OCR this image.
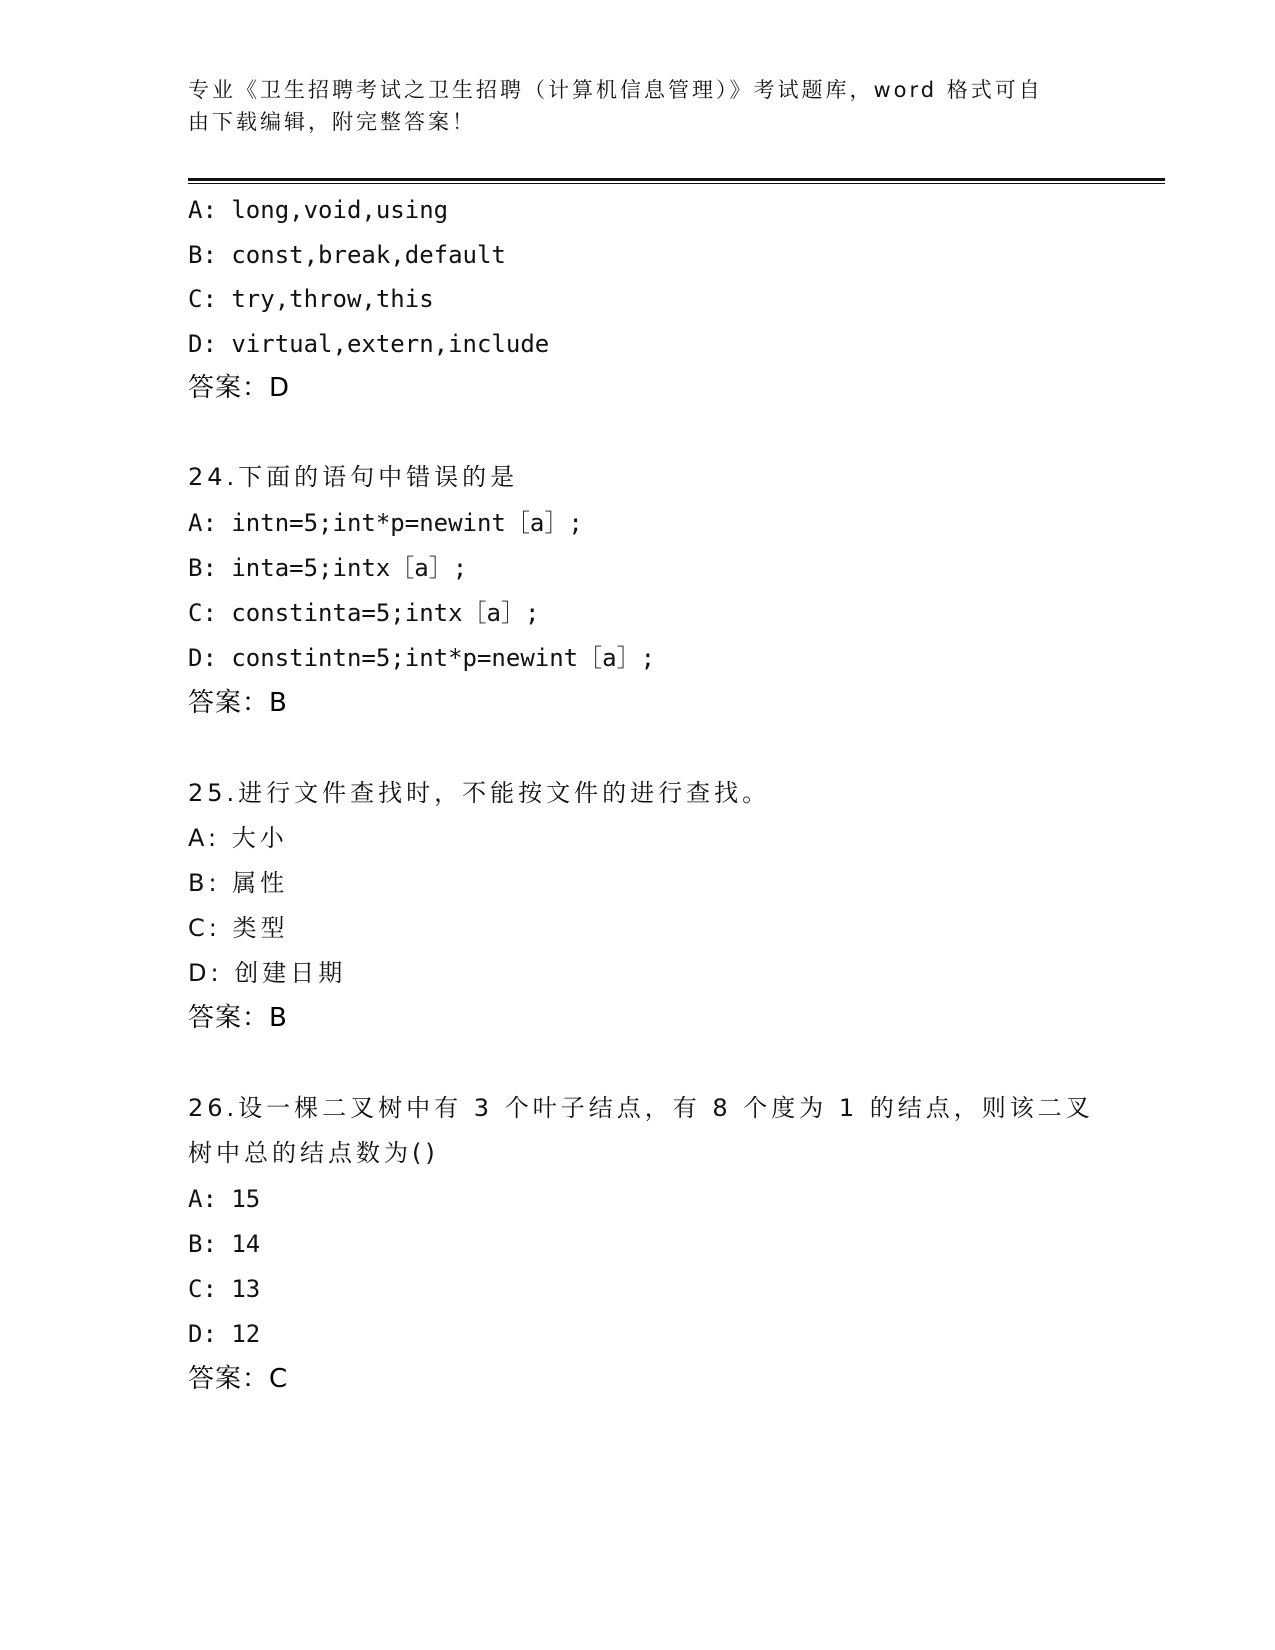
专业《卫生招聘考试之卫生招聘（计算机信息管理）》考试题库，word 格式可自
由下载编辑，附完整答案！
A: long,void,using
B: const,break,default
C: try,throw,this
D: virtual,extern,include
答案：D
24.下面的语句中错误的是
A: intn=5;int*p=newint［a］;
B: inta=5;intx［a］;
C: constinta=5;intx［a］;
D: constintn=5;int*p=newint［a］;
答案：B
25.进行文件查找时，不能按文件的进行查找。
A: 大小
B: 属性
C: 类型
D: 创建日期
答案：B
26.设一棵二叉树中有 3 个叶子结点，有 8 个度为 1 的结点，则该二叉
树中总的结点数为()
A: 15
B: 14
C: 13
D: 12
答案：C
